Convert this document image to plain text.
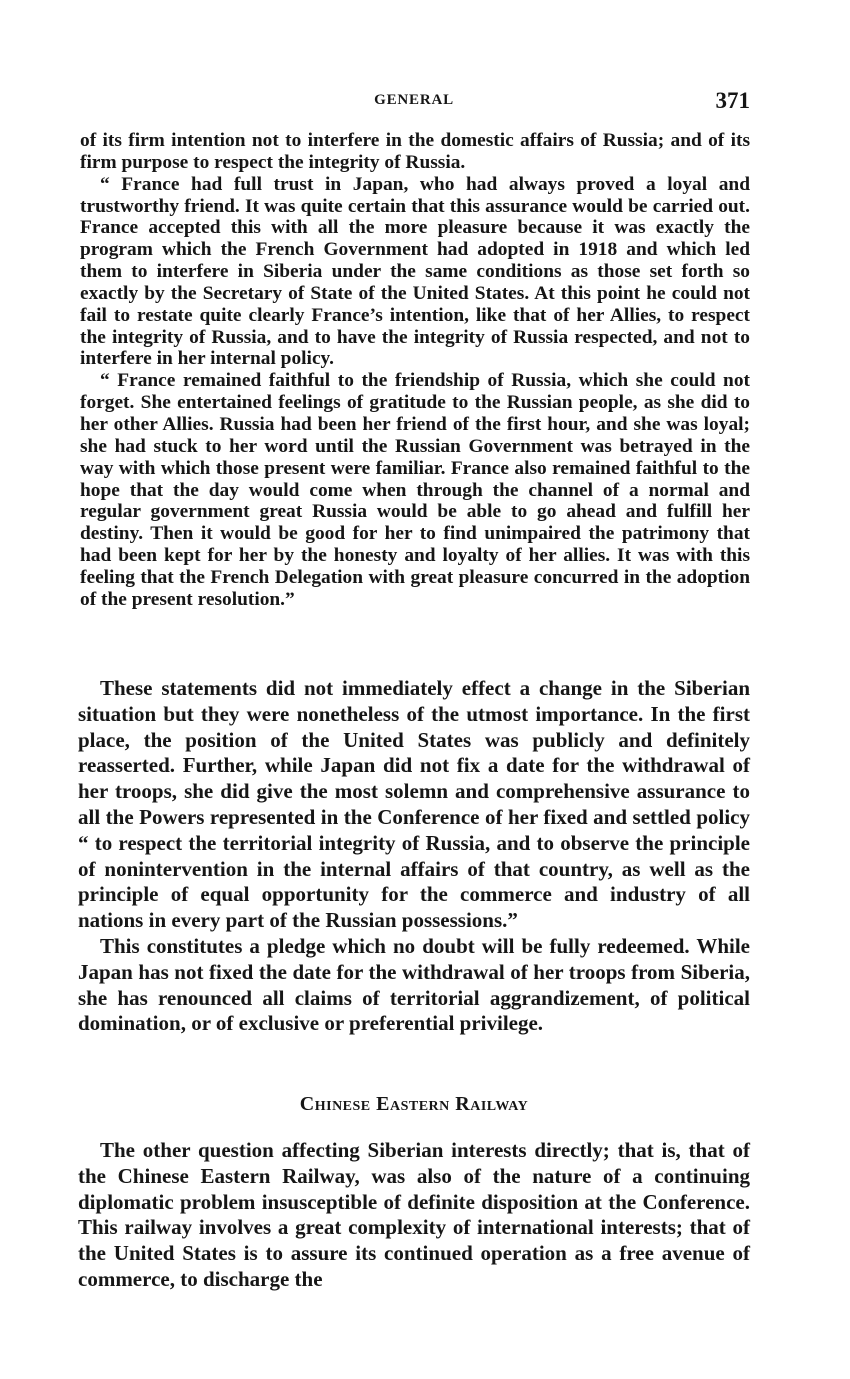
GENERAL	371

of its firm intention not to interfere in the domestic affairs of Russia; and of its firm purpose to respect the integrity of Russia.

“ France had full trust in Japan, who had always proved a loyal and trustworthy friend. It was quite certain that this assurance would be carried out. France accepted this with all the more pleasure because it was exactly the program which the French Government had adopted in 1918 and which led them to interfere in Siberia under the same conditions as those set forth so exactly by the Secretary of State of the United States. At this point he could not fail to restate quite clearly France’s intention, like that of her Allies, to respect the integrity of Russia, and to have the integrity of Russia respected, and not to interfere in her internal policy.

“ France remained faithful to the friendship of Russia, which she could not forget. She entertained feelings of gratitude to the Russian people, as she did to her other Allies. Russia had been her friend of the first hour, and she was loyal; she had stuck to her word until the Russian Government was betrayed in the way with which those present were familiar. France also remained faithful to the hope that the day would come when through the channel of a normal and regular government great Russia would be able to go ahead and fulfill her destiny. Then it would be good for her to find unimpaired the patrimony that had been kept for her by the honesty and loyalty of her allies. It was with this feeling that the French Delegation with great pleasure concurred in the adoption of the present resolution.”

These statements did not immediately effect a change in the Siberian situation but they were nonetheless of the utmost importance. In the first place, the position of the United States was publicly and definitely reasserted. Further, while Japan did not fix a date for the withdrawal of her troops, she did give the most solemn and comprehensive assurance to all the Powers represented in the Conference of her fixed and settled policy “ to respect the territorial integrity of Russia, and to observe the principle of nonintervention in the internal affairs of that country, as well as the principle of equal opportunity for the commerce and industry of all nations in every part of the Russian possessions.”

This constitutes a pledge which no doubt will be fully redeemed. While Japan has not fixed the date for the withdrawal of her troops from Siberia, she has renounced all claims of territorial aggrandizement, of political domination, or of exclusive or preferential privilege.

Chinese Eastern Railway

The other question affecting Siberian interests directly; that is, that of the Chinese Eastern Railway, was also of the nature of a continuing diplomatic problem insusceptible of definite disposition at the Conference. This railway involves a great complexity of international interests; that of the United States is to assure its continued operation as a free avenue of commerce, to discharge the
